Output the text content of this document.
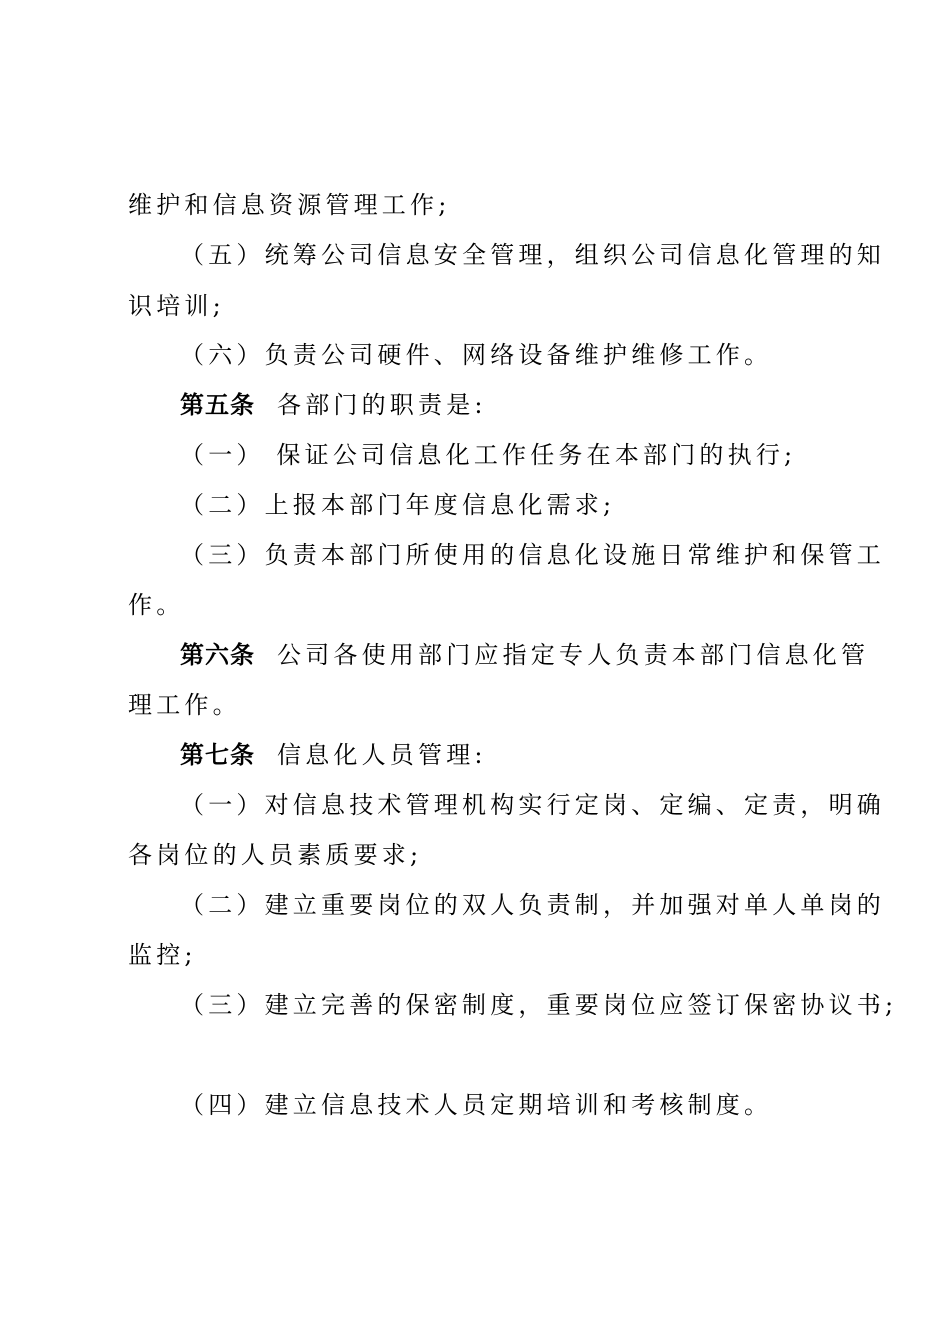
维护和信息资源管理工作;
（五）统筹公司信息安全管理，组织公司信息化管理的知
识培训;
（六）负责公司硬件、网络设备维护维修工作。
第五条 各部门的职责是:
（一） 保证公司信息化工作任务在本部门的执行;
（二）上报本部门年度信息化需求;
（三）负责本部门所使用的信息化设施日常维护和保管工
作。
第六条 公司各使用部门应指定专人负责本部门信息化管
理工作。
第七条 信息化人员管理:
（一）对信息技术管理机构实行定岗、定编、定责，明确
各岗位的人员素质要求;
（二）建立重要岗位的双人负责制，并加强对单人单岗的
监控;
（三）建立完善的保密制度，重要岗位应签订保密协议书;
（四）建立信息技术人员定期培训和考核制度。
